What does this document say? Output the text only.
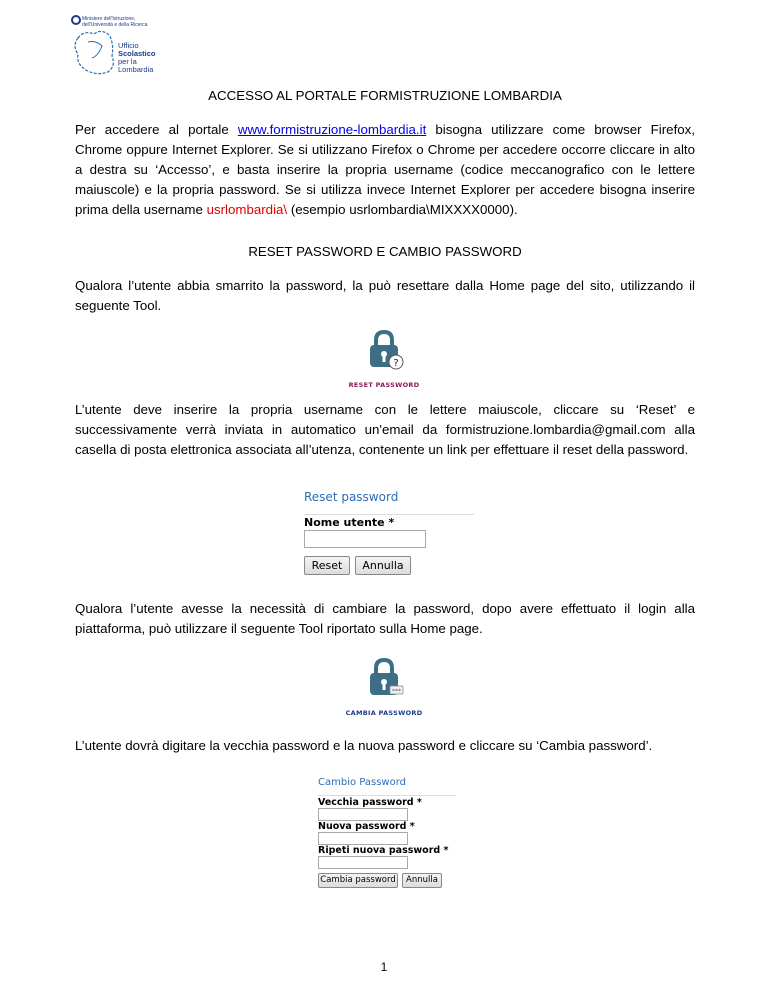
Ministero dell'Istruzione,
dell'Università e della Ricerca
Ufficio
Scolastico
per la
Lombardia
ACCESSO AL PORTALE FORMISTRUZIONE LOMBARDIA
Per accedere al portale www.formistruzione-lombardia.it bisogna utilizzare come browser Firefox, Chrome oppure Internet Explorer. Se si utilizzano Firefox o Chrome per accedere occorre cliccare in alto a destra su ‘Accesso’, e basta inserire la propria username (codice meccanografico con le lettere maiuscole) e la propria password. Se si utilizza invece Internet Explorer per accedere bisogna inserire prima della username usrlombardia\ (esempio usrlombardia\MIXXXX0000).
RESET PASSWORD E CAMBIO PASSWORD
Qualora l’utente abbia smarrito la password, la può resettare dalla Home page del sito, utilizzando il seguente Tool.
?
RESET PASSWORD
L’utente deve inserire la propria username con le lettere maiuscole, cliccare su ‘Reset’ e successivamente verrà inviata in automatico un'email da formistruzione.lombardia@gmail.com alla casella di posta elettronica associata all’utenza, contenente un link per effettuare il reset della password.
Reset password
Nome utente *
Reset	Annulla
Qualora l’utente avesse la necessità di cambiare la password, dopo avere effettuato il login alla piattaforma, può utilizzare il seguente Tool riportato sulla Home page.
***
CAMBIA PASSWORD
L’utente dovrà digitare la vecchia password e la nuova password e cliccare su ‘Cambia password’.
Cambio Password
Vecchia password *
Nuova password *
Ripeti nuova password *
Cambia password	Annulla
1
